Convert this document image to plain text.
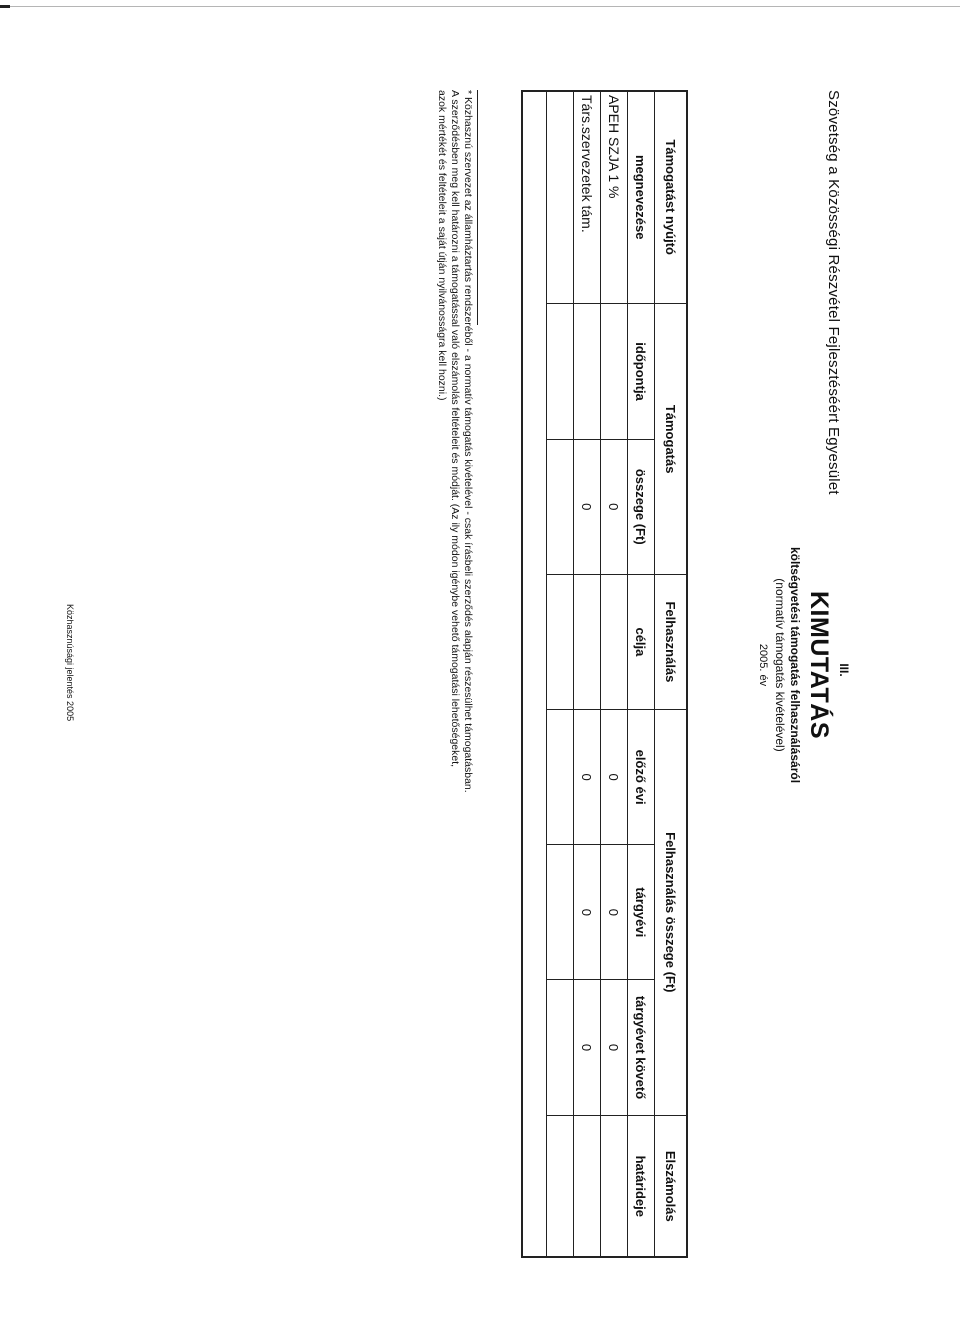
Szövetség a Közösségi Részvétel Fejlesztéséért Egyesület
III.
KIMUTATÁS
költségvetési támogatás felhasználásáról
(normatív támogatás kivételével)
2005. év
Támogatást nyújtó	Támogatás		Felhasználás	Felhasználás összege (Ft)			Elszámolás
megnevezése	időpontja	összege (Ft)	célja	előző évi	tárgyévi	tárgyévet követő	határideje
APEH SZJA 1 %		0		0	0	0	
Társ.szervezetek tám.		0		0	0	0	

* Közhasznú szervezet az államháztartás rendszeréből - a normatív támogatás kivételével - csak írásbeli szerződés alapján részesülhet támogatásban.
A szerződésben meg kell határozni a támogatással való elszámolás feltételeit és módját. (Az ily módon igénybe vehető támogatási lehetőségeket,
azok mértékét és feltételeit a saját útján nyilvánosságra kell hozni.)
Közhasznúsági jelentés 2005
